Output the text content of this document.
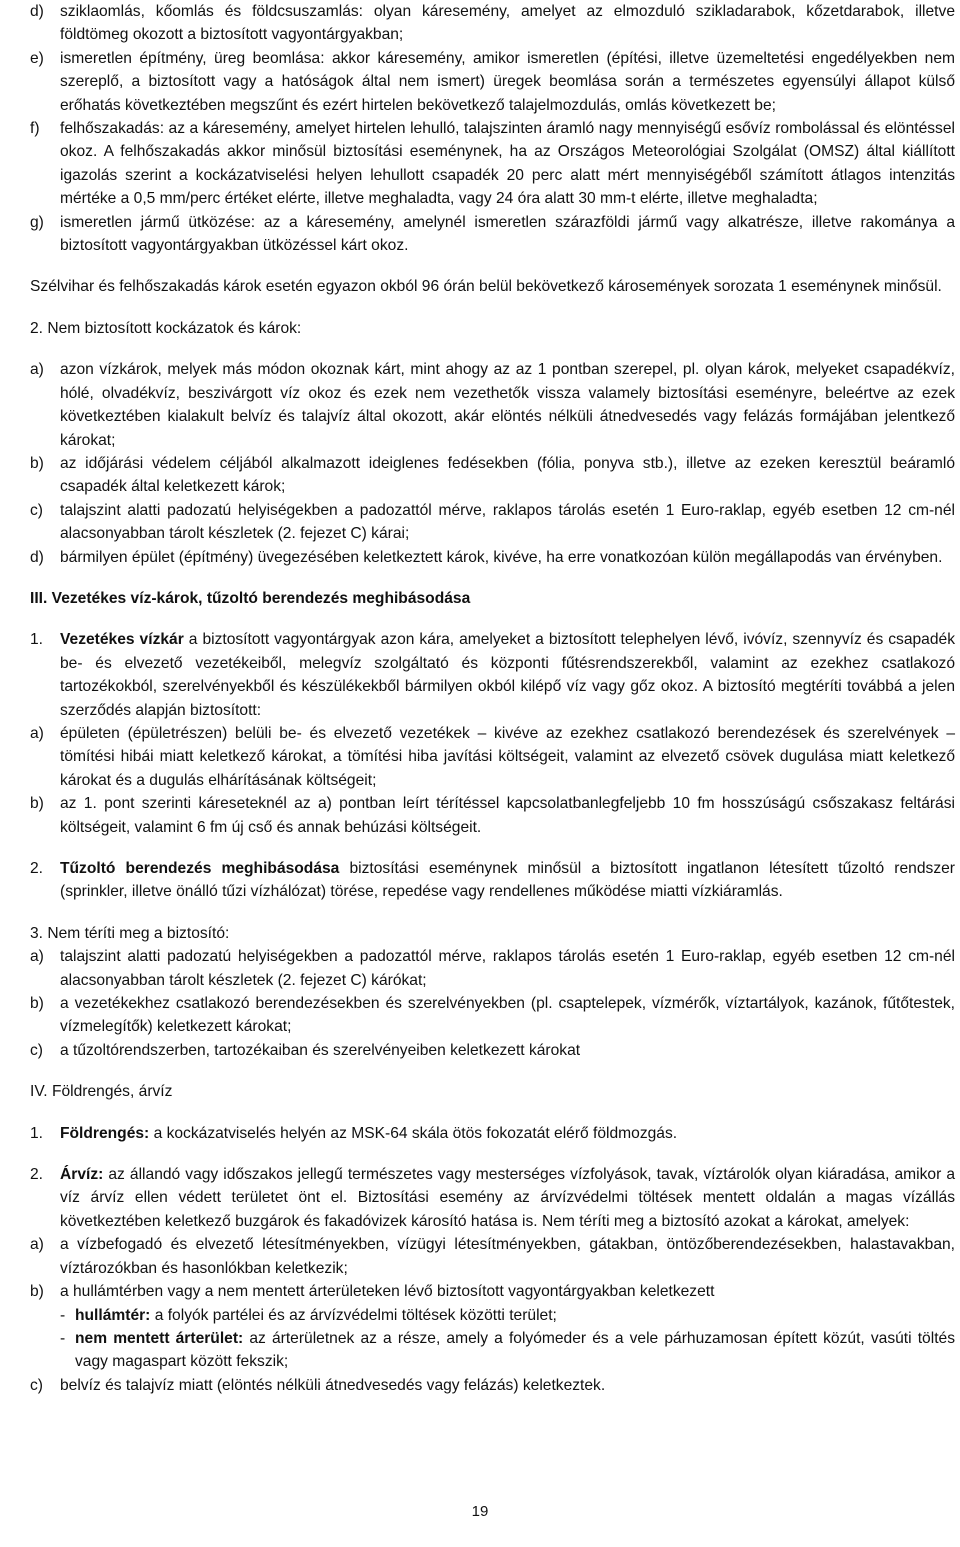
d)	sziklaomlás, kőomlás és földcsuszamlás: olyan káresemény, amelyet az elmozduló szikladarabok, kőzetdarabok, illetve földtömeg okozott a biztosított vagyontárgyakban;
e)	ismeretlen építmény, üreg beomlása: akkor káresemény, amikor ismeretlen (építési, illetve üzemeltetési engedélyekben nem szereplő, a biztosított vagy a hatóságok által nem ismert) üregek beomlása során a természetes egyensúlyi állapot külső erőhatás következtében megszűnt és ezért hirtelen bekövetkező talajelmozdulás, omlás következett be;
f)	felhőszakadás: az a káresemény, amelyet hirtelen lehulló, talajszinten áramló nagy mennyiségű esővíz rombolással és elöntéssel okoz. A felhőszakadás akkor minősül biztosítási eseménynek, ha az Országos Meteorológiai Szolgálat (OMSZ) által kiállított igazolás szerint a kockázatviselési helyen lehullott csapadék 20 perc alatt mért mennyiségéből számított átlagos intenzitás mértéke a 0,5 mm/perc értéket elérte, illetve meghaladta, vagy 24 óra alatt 30 mm-t elérte, illetve meghaladta;
g)	ismeretlen jármű ütközése: az a káresemény, amelynél ismeretlen szárazföldi jármű vagy alkatrésze, illetve rakománya a biztosított vagyontárgyakban ütközéssel kárt okoz.
Szélvihar és felhőszakadás károk esetén egyazon okból 96 órán belül bekövetkező károsemények sorozata 1 eseménynek minősül.
2. Nem biztosított kockázatok és károk:
a)	azon vízkárok, melyek más módon okoznak kárt, mint ahogy az az 1 pontban szerepel, pl. olyan károk, melyeket csapadékvíz, hólé, olvadékvíz, beszivárgott víz okoz és ezek nem vezethetők vissza valamely biztosítási eseményre, beleértve az ezek következtében kialakult belvíz és talajvíz által okozott, akár elöntés nélküli átnedvesedés vagy felázás formájában jelentkező károkat;
b)	az időjárási védelem céljából alkalmazott ideiglenes fedésekben (fólia, ponyva stb.), illetve az ezeken keresztül beáramló csapadék által keletkezett károk;
c)	talajszint alatti padozatú helyiségekben a padozattól mérve, raklapos tárolás esetén 1 Euro-raklap, egyéb esetben 12 cm-nél alacsonyabban tárolt készletek (2. fejezet C) kárai;
d)	bármilyen épület (építmény) üvegezésében keletkeztett károk, kivéve, ha erre vonatkozóan külön megállapodás van érvényben.
III. Vezetékes víz-károk, tűzoltó berendezés meghibásodása
1.	Vezetékes vízkár a biztosított vagyontárgyak azon kára, amelyeket a biztosított telephelyen lévő, ivóvíz, szennyvíz és csapadék be- és elvezető vezetékeiből, melegvíz szolgáltató és központi fűtésrendszerekből, valamint az ezekhez csatlakozó tartozékokból, szerelvényekből és készülékekből bármilyen okból kilépő víz vagy gőz okoz. A biztosító megtéríti továbbá a jelen szerződés alapján biztosított:
a)	épületen (épületrészen) belüli be- és elvezető vezetékek – kivéve az ezekhez csatlakozó berendezések és szerelvények – tömítési hibái miatt keletkező károkat, a tömítési hiba javítási költségeit, valamint az elvezető csövek dugulása miatt keletkező károkat és a dugulás elhárításának költségeit;
b)	az 1. pont szerinti káreseteknél az a) pontban leírt térítéssel kapcsolatbanlegfeljebb 10 fm hosszúságú csőszakasz feltárási költségeit, valamint 6 fm új cső és annak behúzási költségeit.
2.	Tűzoltó berendezés meghibásodása biztosítási eseménynek minősül a biztosított ingatlanon létesített tűzoltó rendszer (sprinkler, illetve önálló tűzi vízhálózat) törése, repedése vagy rendellenes működése miatti vízkiáramlás.
3. Nem téríti meg a biztosító:
a)	talajszint alatti padozatú helyiségekben a padozattól mérve, raklapos tárolás esetén 1 Euro-raklap, egyéb esetben 12 cm-nél alacsonyabban tárolt készletek (2. fejezet C) kárókat;
b)	a vezetékekhez csatlakozó berendezésekben és szerelvényekben (pl. csaptelepek, vízmérők, víztartályok, kazánok, fűtőtestek, vízmelegítők) keletkezett károkat;
c)	a tűzoltórendszerben, tartozékaiban és szerelvényeiben keletkezett károkat
IV. Földrengés, árvíz
1.	Földrengés: a kockázatviselés helyén az MSK-64 skála ötös fokozatát elérő földmozgás.
2.	Árvíz: az állandó vagy időszakos jellegű természetes vagy mesterséges vízfolyások, tavak, víztárolók olyan kiáradása, amikor a víz árvíz ellen védett területet önt el. Biztosítási esemény az árvízvédelmi töltések mentett oldalán a magas vízállás következtében keletkező buzgárok és fakadóvizek károsító hatása is. Nem téríti meg a biztosító azokat a károkat, amelyek:
a)	a vízbefogadó és elvezető létesítményekben, vízügyi létesítményekben, gátakban, öntözőberendezésekben, halastavakban, víztározókban és hasonlókban keletkezik;
b)	a hullámtérben vagy a nem mentett árterületeken lévő biztosított vagyontárgyakban keletkezett
- hullámtér: a folyók partélei és az árvízvédelmi töltések közötti terület;
- nem mentett árterület: az árterületnek az a része, amely a folyómeder és a vele párhuzamosan épített közút, vasúti töltés vagy magaspart között fekszik;
c)	belvíz és talajvíz miatt (elöntés nélküli átnedvesedés vagy felázás) keletkeztek.
19
